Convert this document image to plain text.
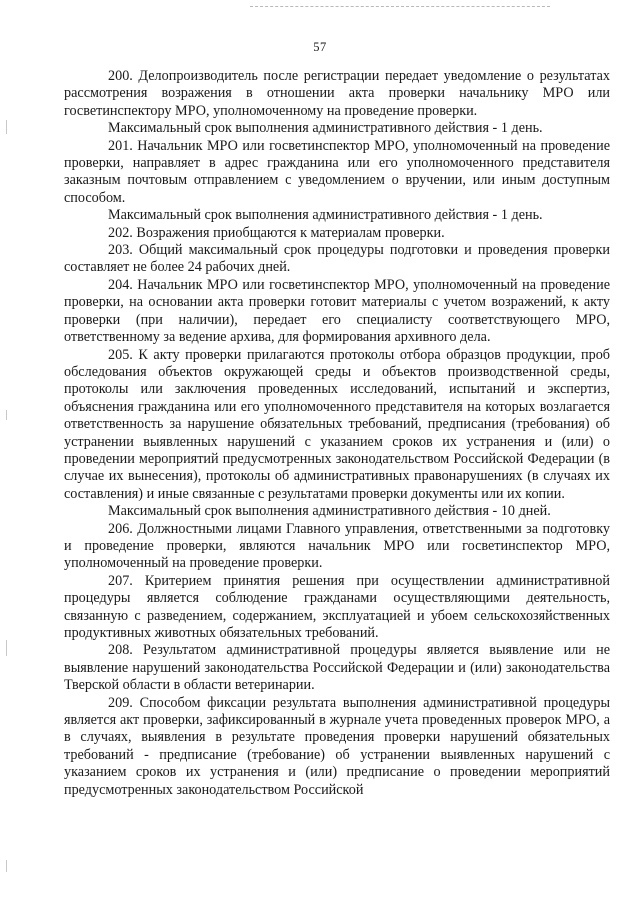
57

200. Делопроизводитель после регистрации передает уведомление о результатах рассмотрения возражения в отношении акта проверки начальнику МРО или госветинспектору МРО, уполномоченному на проведение проверки.

Максимальный срок выполнения административного действия - 1 день.

201. Начальник МРО или госветинспектор МРО, уполномоченный на проведение проверки, направляет в адрес гражданина или его уполномоченного представителя заказным почтовым отправлением с уведомлением о вручении, или иным доступным способом.

Максимальный срок выполнения административного действия - 1 день.

202. Возражения приобщаются к материалам проверки.

203. Общий максимальный срок процедуры подготовки и проведения проверки составляет не более 24 рабочих дней.

204. Начальник МРО или госветинспектор МРО, уполномоченный на проведение проверки, на основании акта проверки готовит материалы с учетом возражений, к акту проверки (при наличии), передает его специалисту соответствующего МРО, ответственному за ведение архива, для формирования архивного дела.

205. К акту проверки прилагаются протоколы отбора образцов продукции, проб обследования объектов окружающей среды и объектов производственной среды, протоколы или заключения проведенных исследований, испытаний и экспертиз, объяснения гражданина или его уполномоченного представителя на которых возлагается ответственность за нарушение обязательных требований, предписания (требования) об устранении выявленных нарушений с указанием сроков их устранения и (или) о проведении мероприятий предусмотренных законодательством Российской Федерации (в случае их вынесения), протоколы об административных правонарушениях (в случаях их составления) и иные связанные с результатами проверки документы или их копии.

Максимальный срок выполнения административного действия - 10 дней.

206. Должностными лицами Главного управления, ответственными за подготовку и проведение проверки, являются начальник МРО или госветинспектор МРО, уполномоченный на проведение проверки.

207. Критерием принятия решения при осуществлении административной процедуры является соблюдение гражданами осуществляющими деятельность, связанную с разведением, содержанием, эксплуатацией и убоем сельскохозяйственных продуктивных животных обязательных требований.

208. Результатом административной процедуры является выявление или не выявление нарушений законодательства Российской Федерации и (или) законодательства Тверской области в области ветеринарии.

209. Способом фиксации результата выполнения административной процедуры является акт проверки, зафиксированный в журнале учета проведенных проверок МРО, а в случаях, выявления в результате проведения проверки нарушений обязательных требований - предписание (требование) об устранении выявленных нарушений с указанием сроков их устранения и (или) предписание о проведении мероприятий предусмотренных законодательством Российской
